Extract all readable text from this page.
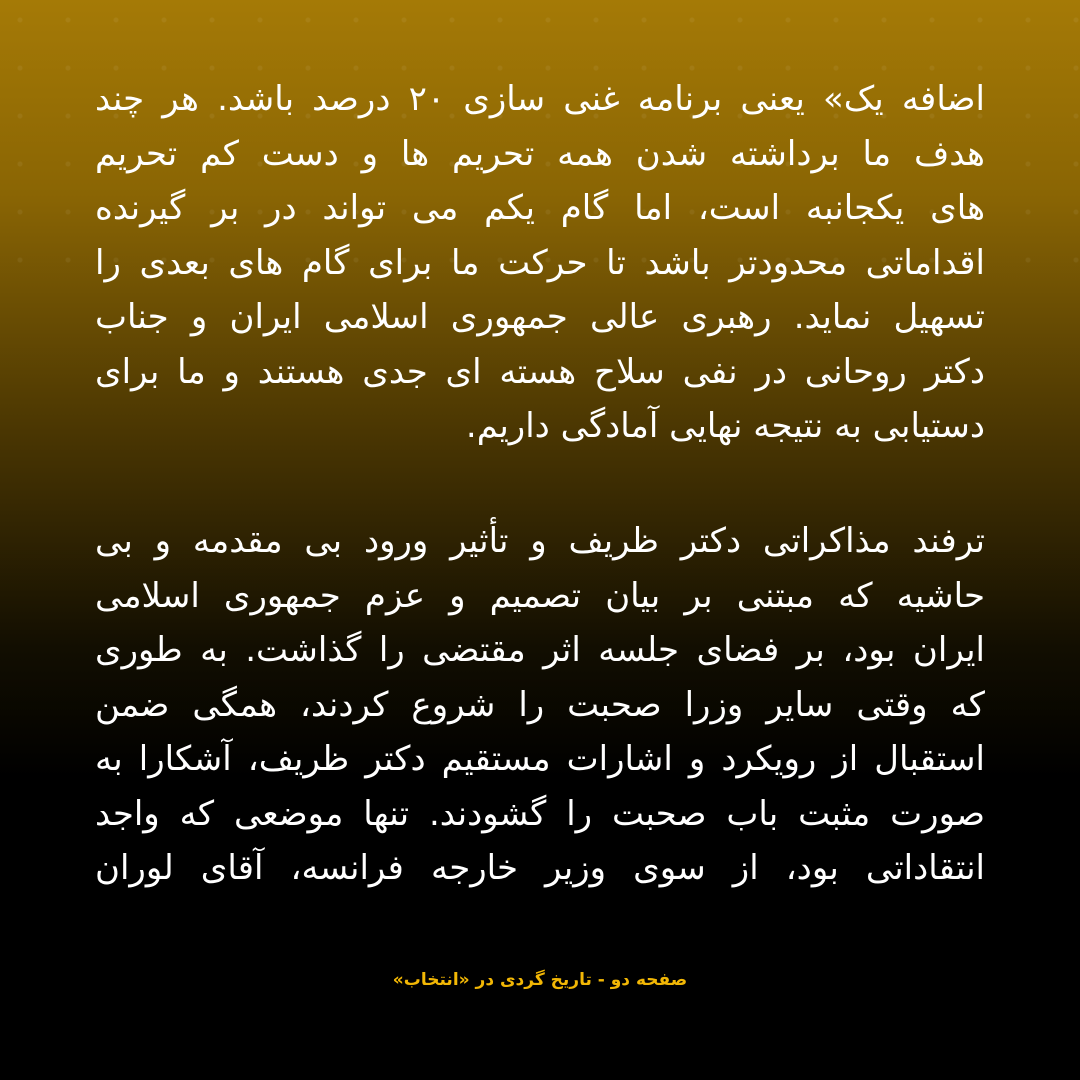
اضافه یک» یعنی برنامه غنی سازی ۲۰ درصد باشد. هر چند
هدف ما برداشته شدن همه تحریم ها و دست کم تحریم
های یکجانبه است، اما گام یکم می تواند در بر گیرنده
اقداماتی محدودتر باشد تا حرکت ما برای گام های بعدی را
تسهیل نماید. رهبری عالی جمهوری اسلامی ایران و جناب
دکتر روحانی در نفی سلاح هسته ای جدی هستند و ما برای
دستیابی به نتیجه نهایی آمادگی داریم.
ترفند مذاکراتی دکتر ظریف و تأثیر ورود بی مقدمه و بی
حاشیه که مبتنی بر بیان تصمیم و عزم جمهوری اسلامی
ایران بود، بر فضای جلسه اثر مقتضی را گذاشت. به طوری
که وقتی سایر وزرا صحبت را شروع کردند، همگی ضمن
استقبال از رویکرد و اشارات مستقیم دکتر ظریف، آشکارا به
صورت مثبت باب صحبت را گشودند. تنها موضعی که واجد
انتقاداتی بود، از سوی وزیر خارجه فرانسه، آقای لوران
صفحه دو - تاریخ گردی در «انتخاب»
